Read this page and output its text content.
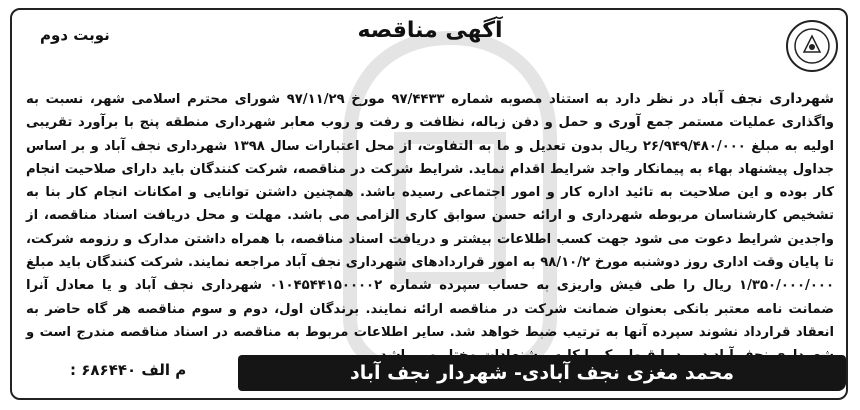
آگهی مناقصه
نوبت دوم
شهرداری نجف آباد در نظر دارد به استناد مصوبه شماره ۹۷/۴۴۳۳ مورخ ۹۷/۱۱/۲۹ شورای محترم اسلامی شهر، نسبت به واگذاری عملیات مستمر جمع آوری و حمل و دفن زباله، نظافت و رفت و روب معابر شهرداری منطقه پنج با برآورد تقریبی اولیه به مبلغ ۲۶/۹۴۹/۴۸۰/۰۰۰ ریال بدون تعدیل و ما به التفاوت، از محل اعتبارات سال ۱۳۹۸ شهرداری نجف آباد و بر اساس جداول پیشنهاد بهاء به پیمانکار واجد شرایط اقدام نماید. شرایط شرکت در مناقصه، شرکت کنندگان باید دارای صلاحیت انجام کار بوده و این صلاحیت به تائید اداره کار و امور اجتماعی رسیده باشد. همچنین داشتن توانایی و امکانات انجام کار بنا به تشخیص کارشناسان مربوطه شهرداری و ارائه حسن سوابق کاری الزامی می باشد. مهلت و محل دریافت اسناد مناقصه، از واجدین شرایط دعوت می شود جهت کسب اطلاعات بیشتر و دریافت اسناد مناقصه، با همراه داشتن مدارک و رزومه شرکت، تا پایان وقت اداری روز دوشنبه مورخ ۹۸/۱۰/۲ به امور قراردادهای شهرداری نجف آباد مراجعه نمایند. شرکت کنندگان باید مبلغ ۱/۳۵۰/۰۰۰/۰۰۰ ریال را طی فیش واریزی به حساب سپرده شماره ۰۱۰۴۵۴۴۱۵۰۰۰۰۲ شهرداری نجف آباد و یا معادل آنرا ضمانت نامه معتبر بانکی بعنوان ضمانت شرکت در مناقصه ارائه نمایند. برندگان اول، دوم و سوم مناقصه هر گاه حاضر به انعقاد قرارداد نشوند سپرده آنها به ترتیب ضبط خواهد شد. سایر اطلاعات مربوط به مناقصه در اسناد مناقصه مندرج است و
محمد مغزی نجف آبادی- شهردار نجف آباد
م الف ۶۸۶۴۴۰ :
